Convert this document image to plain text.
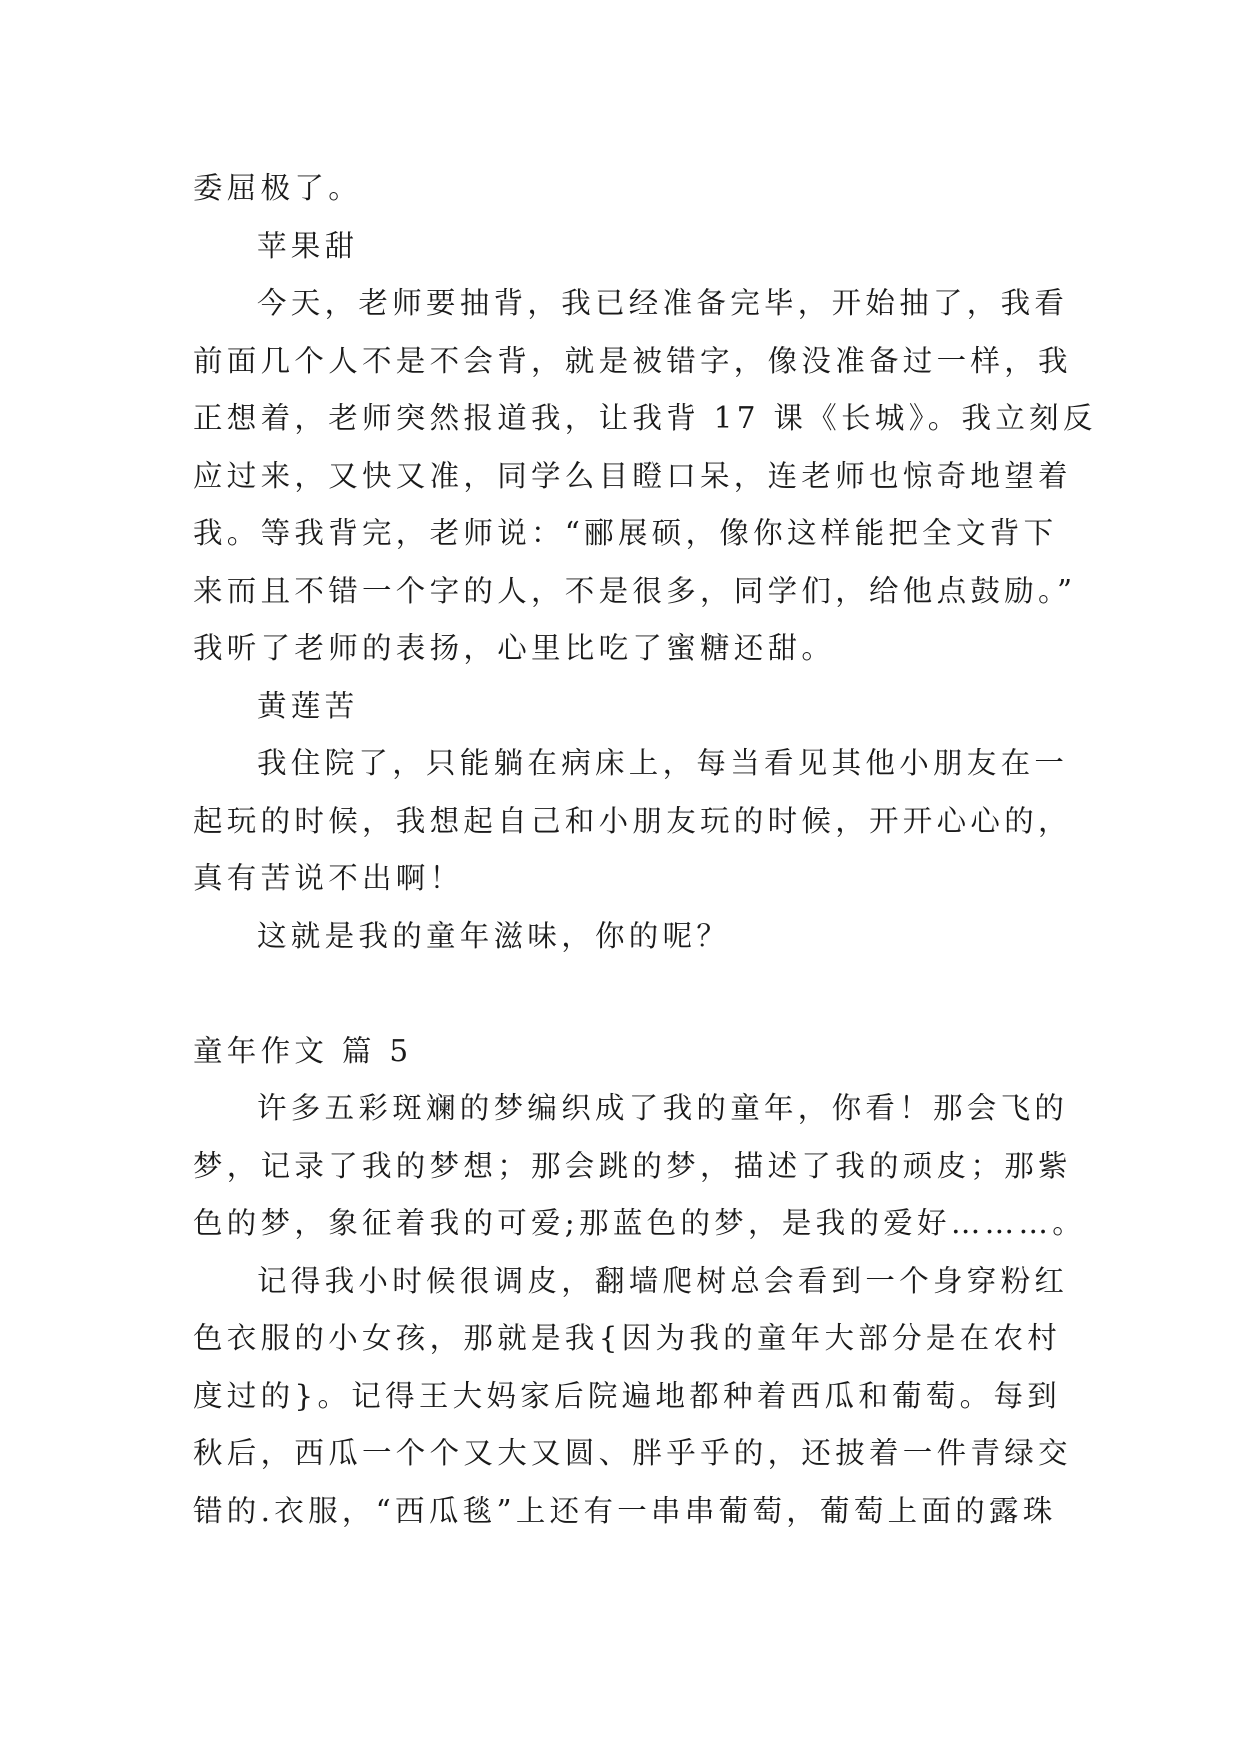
委屈极了。
苹果甜
今天，老师要抽背，我已经准备完毕，开始抽了，我看
前面几个人不是不会背，就是被错字，像没准备过一样，我
正想着，老师突然报道我，让我背 17 课《长城》。我立刻反
应过来，又快又准，同学么目瞪口呆，连老师也惊奇地望着
我。等我背完，老师说：“郦展硕，像你这样能把全文背下
来而且不错一个字的人，不是很多，同学们，给他点鼓励。”
我听了老师的表扬，心里比吃了蜜糖还甜。
黄莲苦
我住院了，只能躺在病床上，每当看见其他小朋友在一
起玩的时候，我想起自己和小朋友玩的时候，开开心心的，
真有苦说不出啊！
这就是我的童年滋味，你的呢？
童年作文 篇 5
许多五彩斑斓的梦编织成了我的童年，你看！那会飞的
梦，记录了我的梦想；那会跳的梦，描述了我的顽皮；那紫
色的梦，象征着我的可爱;那蓝色的梦，是我的爱好………。
记得我小时候很调皮，翻墙爬树总会看到一个身穿粉红
色衣服的小女孩，那就是我{因为我的童年大部分是在农村
度过的}。记得王大妈家后院遍地都种着西瓜和葡萄。每到
秋后，西瓜一个个又大又圆、胖乎乎的，还披着一件青绿交
错的.衣服，“西瓜毯”上还有一串串葡萄，葡萄上面的露珠
